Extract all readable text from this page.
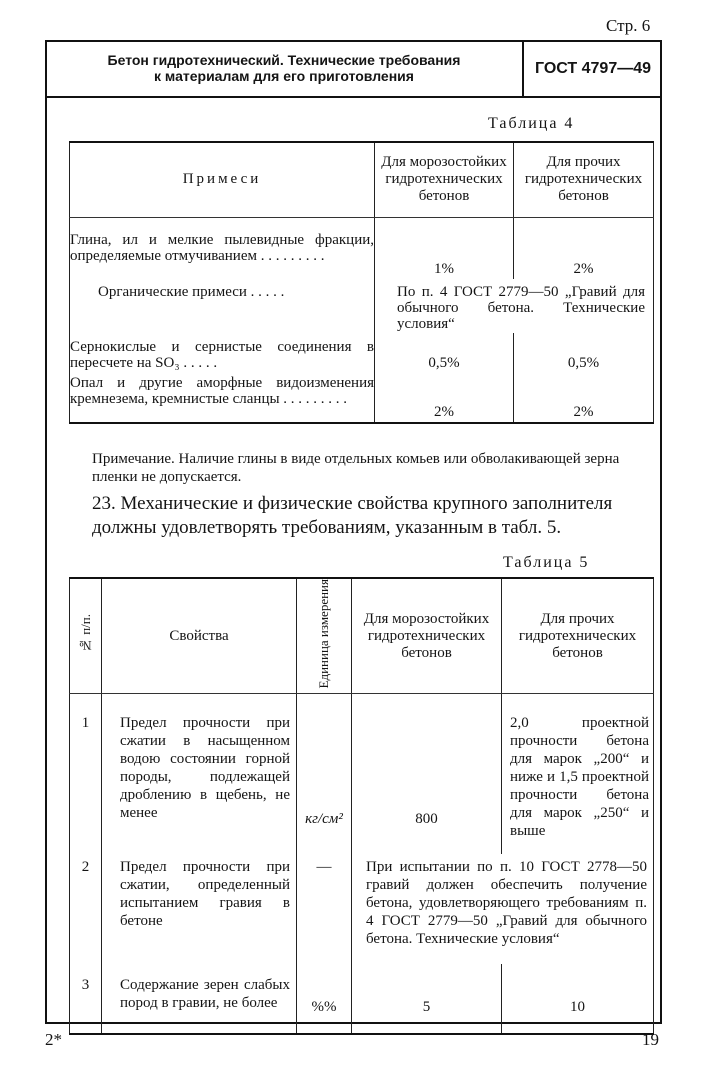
Стр. 6
Бетон гидротехнический. Технические требования
к материалам для его приготовления	ГОСТ 4797—49
Таблица 4
Примеси	Для морозостойких гидротехнических бетонов	Для прочих гидротехнических бетонов
Глина, ил и мелкие пылевидные фракции, определяемые отмучиванием . . . . . . . . .	1%	2%
Органические примеси . . . . .	По п. 4 ГОСТ 2779—50 „Гравий для обычного бетона. Технические условия“	
Сернокислые и сернистые соединения в пересчете на SO₃ . . . . .	0,5%	0,5%
Опал и другие аморфные видоизменения кремнезема, кремнистые сланцы . . . . . . . . .	2%	2%
Примечание. Наличие глины в виде отдельных комьев или обволакивающей зерна пленки не допускается.
23. Механические и физические свойства крупного заполнителя должны удовлетворять требованиям, указанным в табл. 5.
Таблица 5
№ п/п.	Свойства	Единица измерения	Для морозостойких гидротехнических бетонов	Для прочих гидротехнических бетонов
1	Предел прочности при сжатии в насыщенном водою состоянии горной породы, подлежащей дроблению в щебень, не менее	кг/см²	800	2,0 проектной прочности бетона для марок „200“ и ниже и 1,5 проектной прочности бетона для марок „250“ и выше
2	Предел прочности при сжатии, определенный испытанием гравия в бетоне	—	При испытании по п. 10 ГОСТ 2778—50 гравий должен обеспечить получение бетона, удовлетворяющего требованиям п. 4 ГОСТ 2779—50 „Гравий для обычного бетона. Технические условия“	
3	Содержание зерен слабых пород в гравии, не более	%%	5	10
2*	19
